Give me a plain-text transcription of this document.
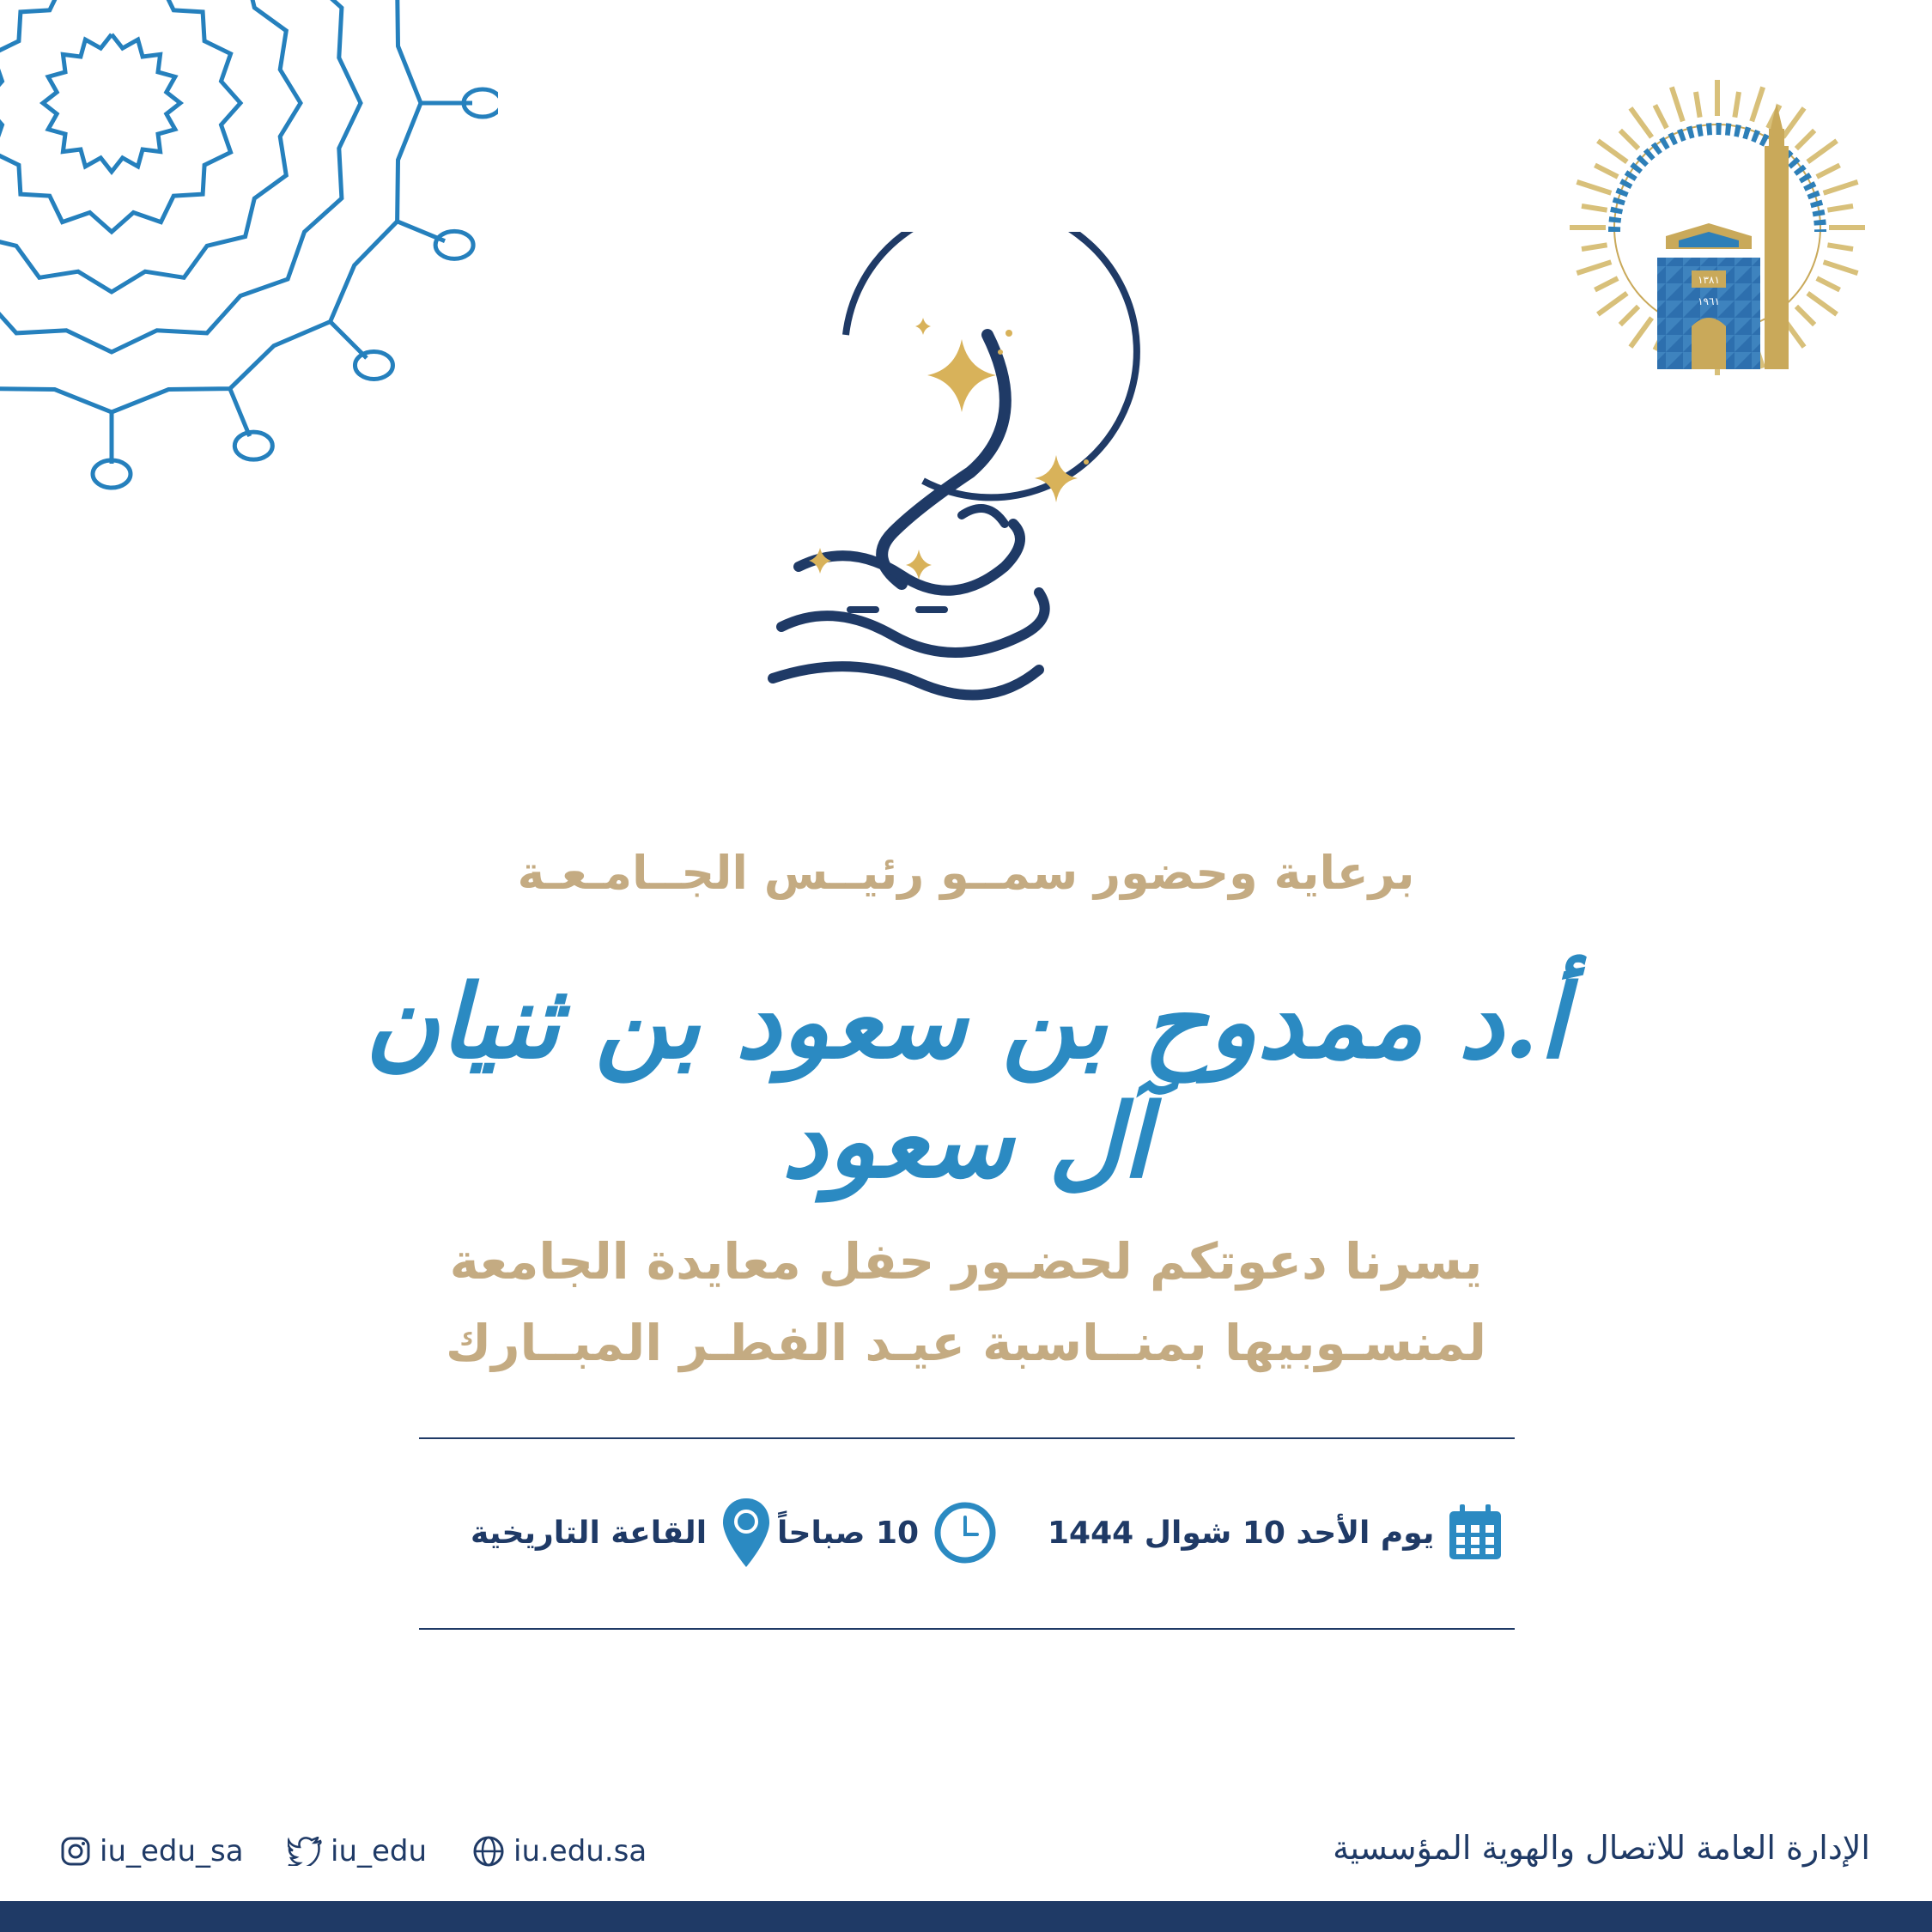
١٣٨١
١٩٦١
برعاية وحضور سمــو رئيــس الجــامـعـة
أ.د ممدوح بن سعود بن ثنيان آل سعود
يسرنا دعوتكم لحضـور حفل معايدة الجامعة
لمنسـوبيها بمنــاسبة عيـد الفطـر المبــارك
يوم الأحد 10 شوال 1444
10 صباحاً
القاعة التاريخية
iu_edu_sa	iu_edu	iu.edu.sa	الإدارة العامة للاتصال والهوية المؤسسية
